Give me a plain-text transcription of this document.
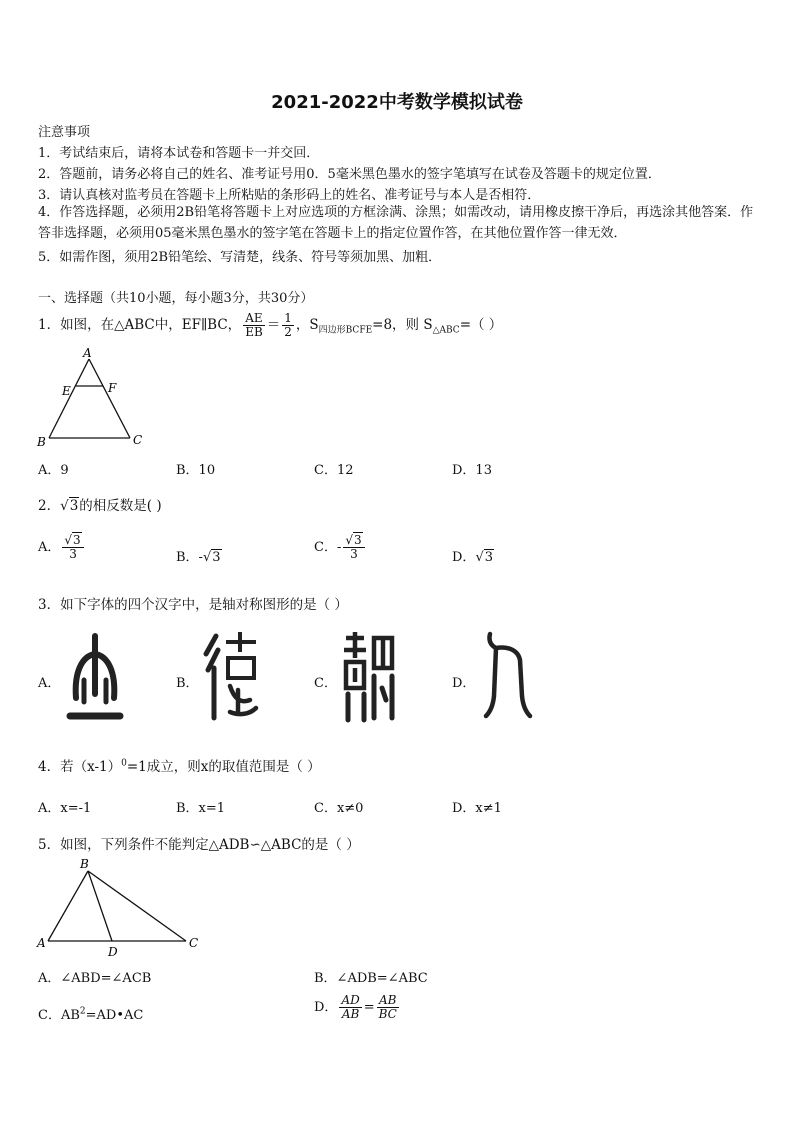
2021-2022中考数学模拟试卷
注意事项
1．考试结束后，请将本试卷和答题卡一并交回．
2．答题前，请务必将自己的姓名、准考证号用0．5毫米黑色墨水的签字笔填写在试卷及答题卡的规定位置．
3．请认真核对监考员在答题卡上所粘贴的条形码上的姓名、准考证号与本人是否相符．
4．作答选择题，必须用2B铅笔将答题卡上对应选项的方框涂满、涂黑；如需改动，请用橡皮擦干净后，再选涂其他答案．作答非选择题，必须用05毫米黑色墨水的签字笔在答题卡上的指定位置作答，在其他位置作答一律无效．
5．如需作图，须用2B铅笔绘、写清楚，线条、符号等须加黑、加粗．
一、选择题（共10小题，每小题3分，共30分）
1．如图，在△ABC中，EF∥BC， $\frac{AE}{EB} = \frac{1}{2}$ ，$S_{四边形BCFE}=8$，则 $S_{\triangle ABC}=$（ ）
A
E	F
B	C
A．9	B．10	C．12	D．13
2．√3的相反数是( )
A． $\frac{√3}{3}$	B．-√3
C．- $\frac{√3}{3}$	D．√3
3．如下字体的四个汉字中，是轴对称图形的是（ ）
A．	B．	C．	D．
4．若$(x-1)^0=1$成立，则x的取值范围是（ ）
A．x=-1	B．x=1	C．x≠0	D．x≠1
5．如图，下列条件不能判定△ADB∽△ABC的是（ ）
B
A
D
C
A．∠ABD=∠ACB	B．∠ADB=∠ABC
C．$AB^2=AD•AC$
D． $\frac{AD}{AB} = \frac{AB}{BC}$
